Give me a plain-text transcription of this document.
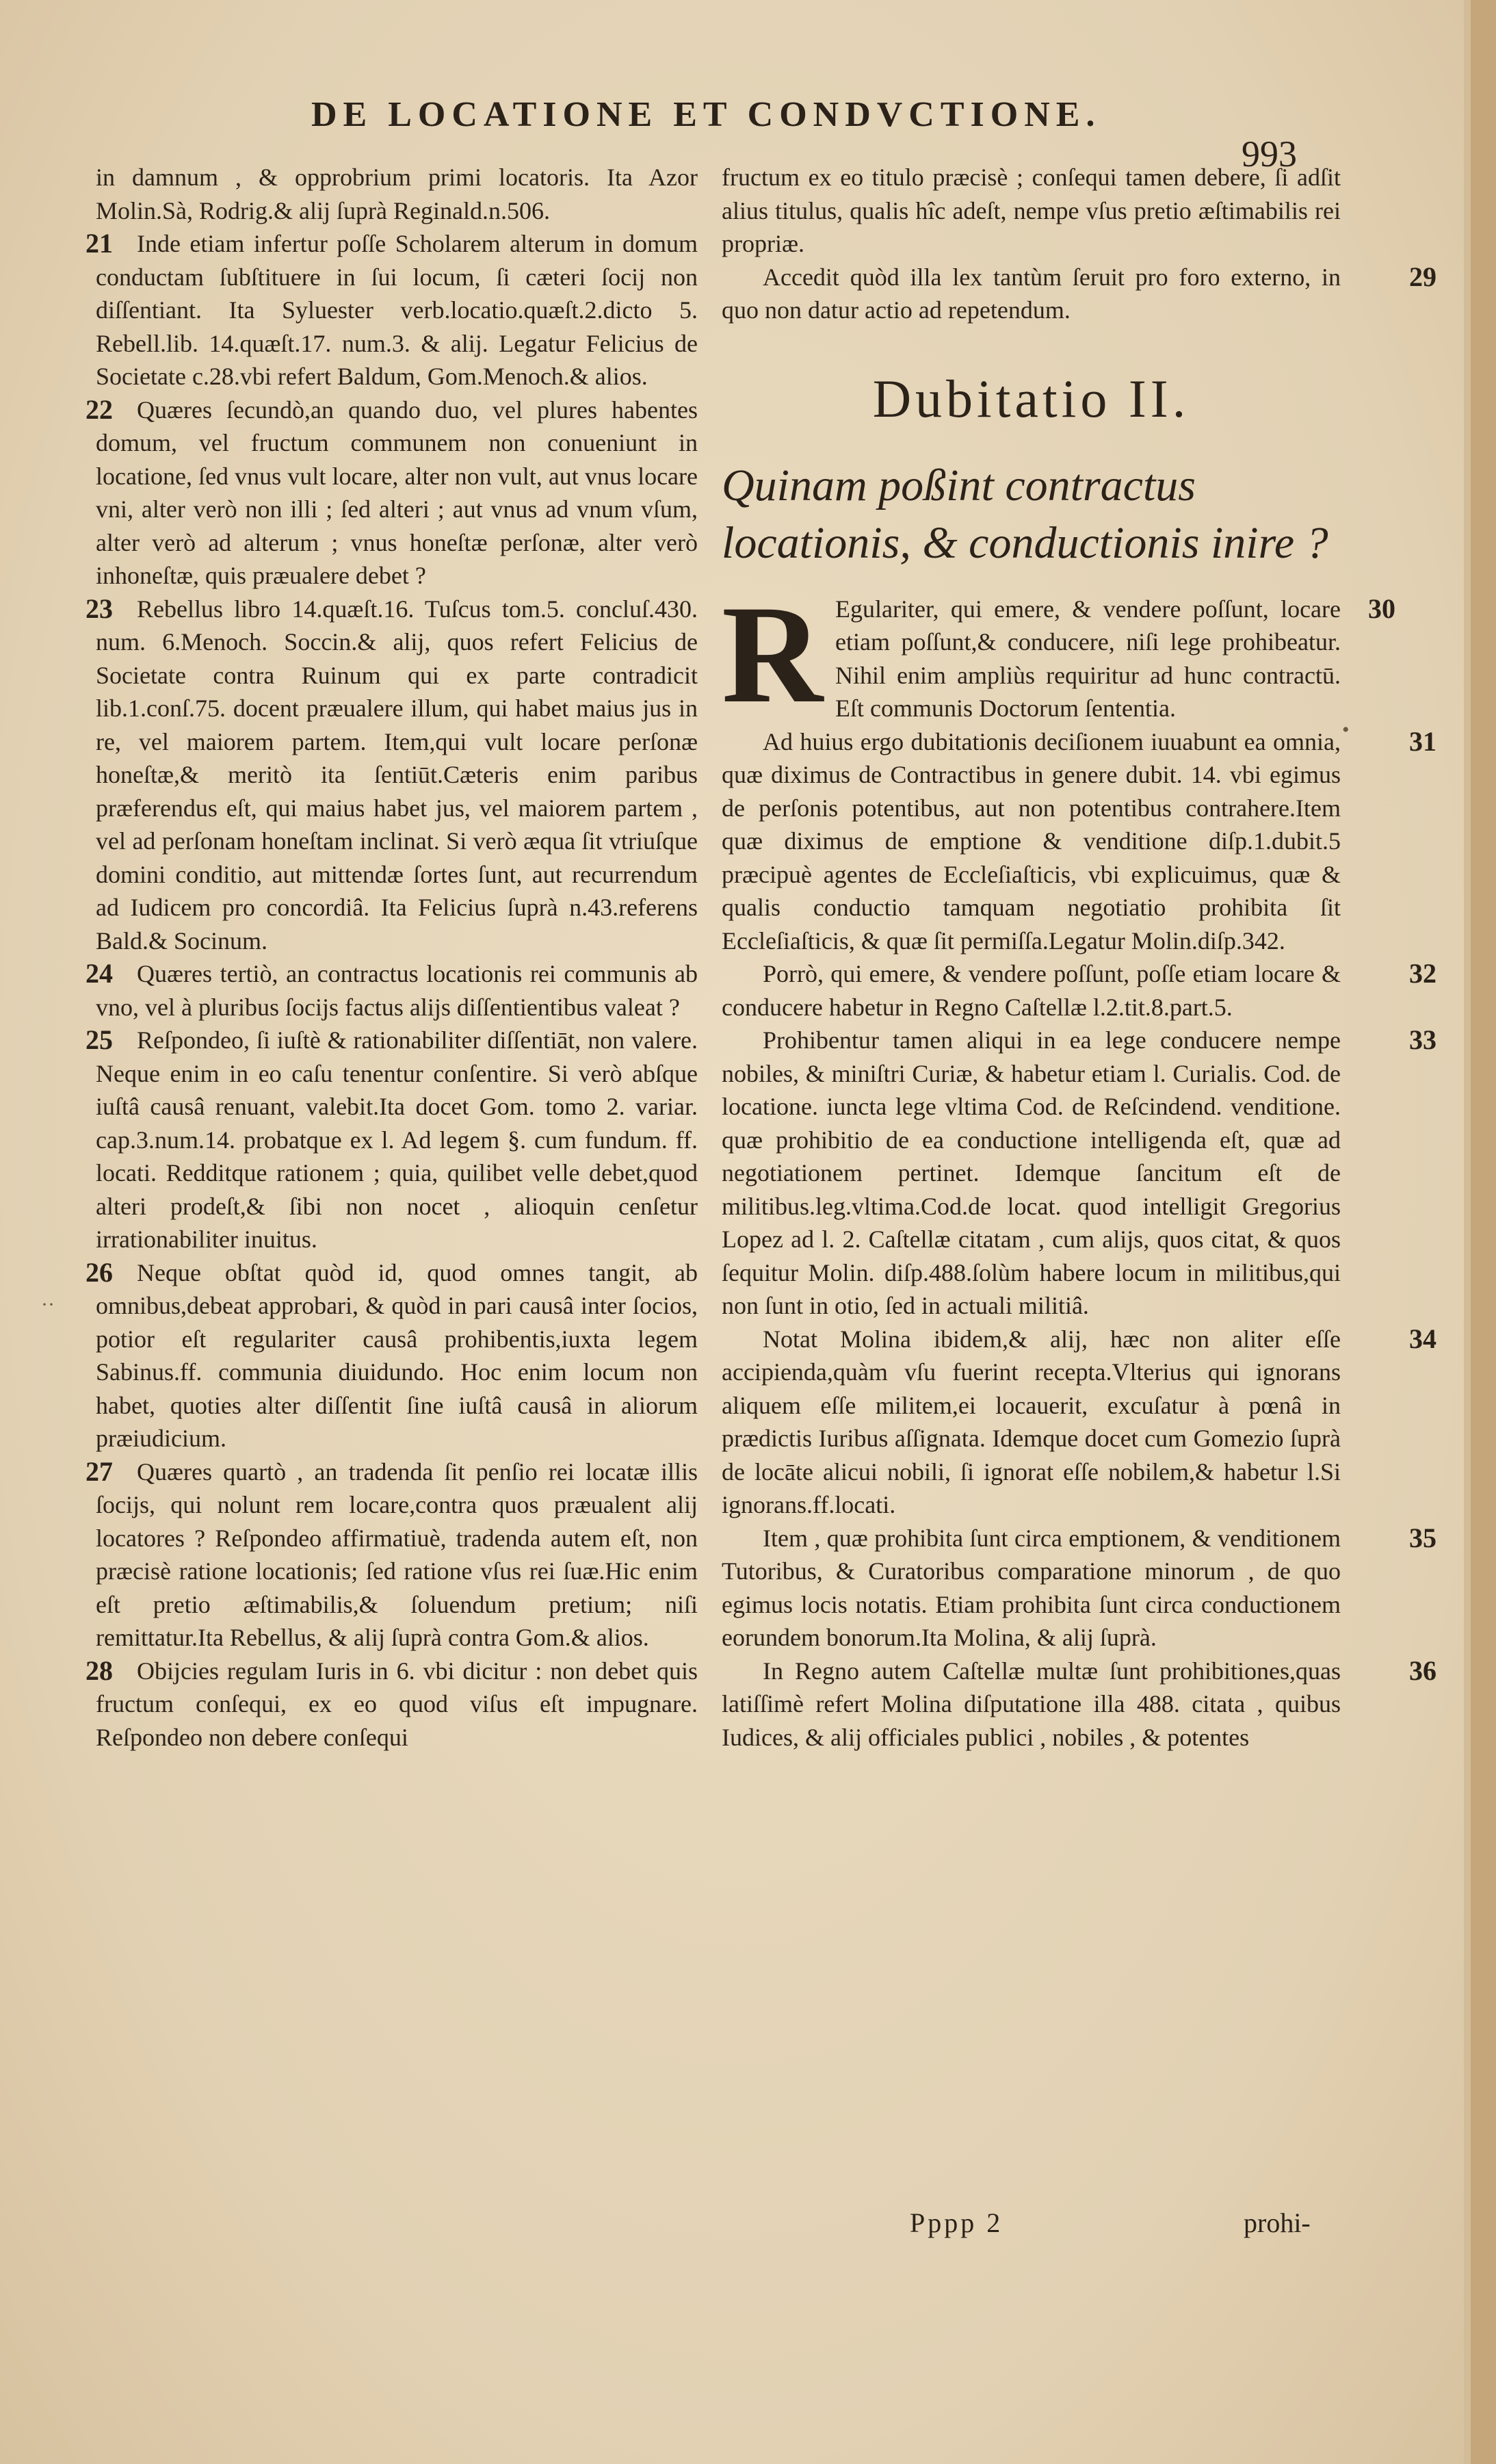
DE LOCATIONE ET CONDVCTIONE.
993

in damnum , & opprobrium primi locatoris. Ita Azor Molin.Sà, Rodrig.& alij ſuprà Reginald.n.506.

21 Inde etiam infertur poſſe Scholarem alterum in domum conductam ſubſtituere in ſui locum, ſi cæteri ſocij non diſſentiant. Ita Syluester verb.locatio.quæſt.2.dicto 5. Rebell.lib. 14.quæſt.17. num.3. & alij. Legatur Felicius de Societate c.28.vbi refert Baldum, Gom.Menoch.& alios.

22 Quæres ſecundò,an quando duo, vel plures habentes domum, vel fructum communem non conueniunt in locatione, ſed vnus vult locare, alter non vult, aut vnus locare vni, alter verò non illi ; ſed alteri ; aut vnus ad vnum vſum, alter verò ad alterum ; vnus honeſtæ perſonæ, alter verò inhoneſtæ, quis præualere debet ?

23 Rebellus libro 14.quæſt.16. Tuſcus tom.5. concluſ.430. num. 6.Menoch. Soccin.& alij, quos refert Felicius de Societate contra Ruinum qui ex parte contradicit lib.1.conſ.75. docent præualere illum, qui habet maius jus in re, vel maiorem partem. Item,qui vult locare perſonæ honeſtæ,& meritò ita ſentiūt.Cæteris enim paribus præferendus eſt, qui maius habet jus, vel maiorem partem , vel ad perſonam honeſtam inclinat. Si verò æqua ſit vtriuſque domini conditio, aut mittendæ ſortes ſunt, aut recurrendum ad Iudicem pro concordiâ. Ita Felicius ſuprà n.43.referens Bald.& Socinum.

24 Quæres tertiò, an contractus locationis rei communis ab vno, vel à pluribus ſocijs factus alijs diſſentientibus valeat ?

25 Reſpondeo, ſi iuſtè & rationabiliter diſſentiāt, non valere. Neque enim in eo caſu tenentur conſentire. Si verò abſque iuſtâ causâ renuant, valebit.Ita docet Gom. tomo 2. variar. cap.3.num.14. probatque ex l. Ad legem §. cum fundum. ff. locati. Redditque rationem ; quia, quilibet velle debet,quod alteri prodeſt,& ſibi non nocet , alioquin cenſetur irrationabiliter inuitus.

26 Neque obſtat quòd id, quod omnes tangit, ab omnibus,debeat approbari, & quòd in pari causâ inter ſocios, potior eſt regulariter causâ prohibentis,iuxta legem Sabinus.ff. communia diuidundo. Hoc enim locum non habet, quoties alter diſſentit ſine iuſtâ causâ in aliorum præiudicium.

27 Quæres quartò , an tradenda ſit penſio rei locatæ illis ſocijs, qui nolunt rem locare,contra quos præualent alij locatores ? Reſpondeo affirmatiuè, tradenda autem eſt, non præcisè ratione locationis; ſed ratione vſus rei ſuæ.Hic enim eſt pretio æſtimabilis,& ſoluendum pretium; niſi remittatur.Ita Rebellus, & alij ſuprà contra Gom.& alios.

28 Obijcies regulam Iuris in 6. vbi dicitur : non debet quis fructum conſequi, ex eo quod viſus eſt impugnare. Reſpondeo non debere conſequi

fructum ex eo titulo præcisè ; conſequi tamen debere, ſi adſit alius titulus, qualis hîc adeſt, nempe vſus pretio æſtimabilis rei propriæ.

29
Accedit quòd illa lex tantùm ſeruit pro foro externo, in quo non datur actio ad repetendum.

Dubitatio II.
Quinam poßint contractus locationis, & conductionis inire ?

30
R Egulariter, qui emere, & vendere poſſunt, locare etiam poſſunt,& conducere, niſi lege prohibeatur. Nihil enim ampliùs requiritur ad hunc contractū. Eſt communis Doctorum ſententia.

31
Ad huius ergo dubitationis deciſionem iuuabunt ea omnia, quæ diximus de Contractibus in genere dubit. 14. vbi egimus de perſonis potentibus, aut non potentibus contrahere.Item quæ diximus de emptione & venditione diſp.1.dubit.5 præcipuè agentes de Eccleſiaſticis, vbi explicuimus, quæ & qualis conductio tamquam negotiatio prohibita ſit Eccleſiaſticis, & quæ ſit permiſſa.Legatur Molin.diſp.342.

32
Porrò, qui emere, & vendere poſſunt, poſſe etiam locare & conducere habetur in Regno Caſtellæ l.2.tit.8.part.5.

33
Prohibentur tamen aliqui in ea lege conducere nempe nobiles, & miniſtri Curiæ, & habetur etiam l. Curialis. Cod. de locatione. iuncta lege vltima Cod. de Reſcindend. venditione. quæ prohibitio de ea conductione intelligenda eſt, quæ ad negotiationem pertinet. Idemque ſancitum eſt de militibus.leg.vltima.Cod.de locat. quod intelligit Gregorius Lopez ad l. 2. Caſtellæ citatam , cum alijs, quos citat, & quos ſequitur Molin. diſp.488.ſolùm habere locum in militibus,qui non ſunt in otio, ſed in actuali militiâ.

34
Notat Molina ibidem,& alij, hæc non aliter eſſe accipienda,quàm vſu fuerint recepta.Vlterius qui ignorans aliquem eſſe militem,ei locauerit, excuſatur à pœnâ in prædictis Iuribus aſſignata. Idemque docet cum Gomezio ſuprà de locāte alicui nobili, ſi ignorat eſſe nobilem,& habetur l.Si ignorans.ff.locati.

35
Item , quæ prohibita ſunt circa emptionem, & venditionem Tutoribus, & Curatoribus comparatione minorum , de quo egimus locis notatis. Etiam prohibita ſunt circa conductionem eorundem bonorum.Ita Molina, & alij ſuprà.

36
In Regno autem Caſtellæ multæ ſunt prohibitiones,quas latiſſimè refert Molina diſputatione illa 488. citata , quibus Iudices, & alij officiales publici , nobiles , & potentes

Pppp 2	prohi-
•
··
